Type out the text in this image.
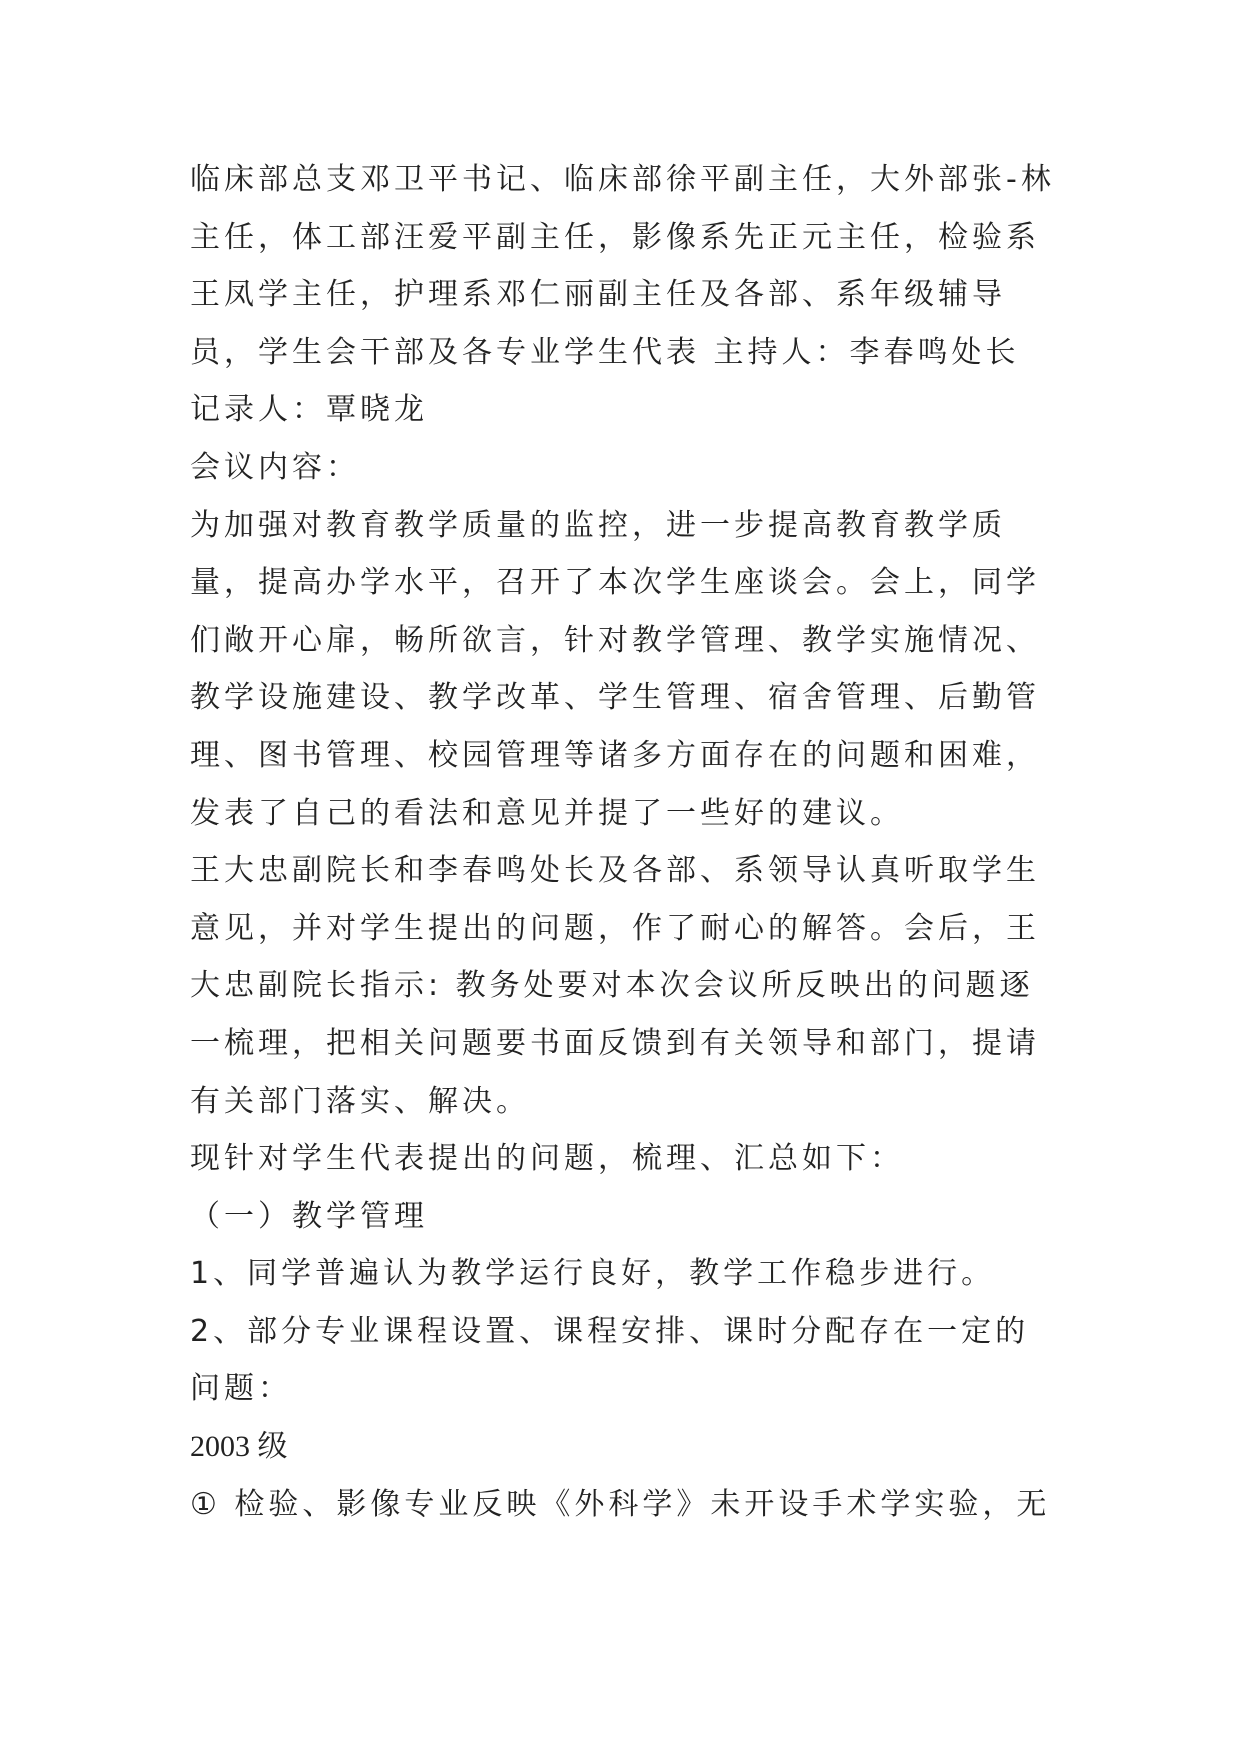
临床部总支邓卫平书记、临床部徐平副主任，大外部张-林主任，体工部汪爱平副主任，影像系先正元主任，检验系王凤学主任，护理系邓仁丽副主任及各部、系年级辅导员，学生会干部及各专业学生代表 主持人：李春鸣处长

记录人：覃晓龙

会议内容：

为加强对教育教学质量的监控，进一步提高教育教学质量，提高办学水平，召开了本次学生座谈会。会上，同学们敞开心扉，畅所欲言，针对教学管理、教学实施情况、教学设施建设、教学改革、学生管理、宿舍管理、后勤管理、图书管理、校园管理等诸多方面存在的问题和困难，发表了自己的看法和意见并提了一些好的建议。

王大忠副院长和李春鸣处长及各部、系领导认真听取学生意见，并对学生提出的问题，作了耐心的解答。会后，王大忠副院长指示: 教务处要对本次会议所反映出的问题逐一梳理，把相关问题要书面反馈到有关领导和部门，提请有关部门落实、解决。

现针对学生代表提出的问题，梳理、汇总如下：

（一）教学管理

1、同学普遍认为教学运行良好，教学工作稳步进行。

2、部分专业课程设置、课程安排、课时分配存在一定的问题：

2003 级

① 检验、影像专业反映《外科学》未开设手术学实验，无
